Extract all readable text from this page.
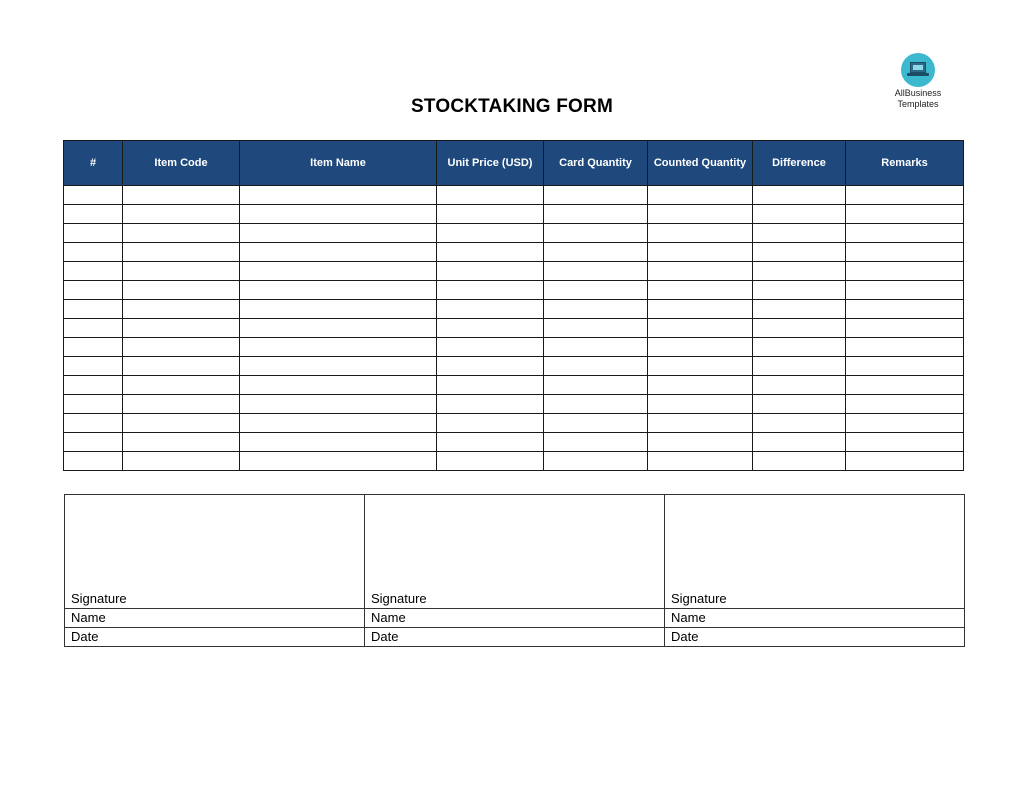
AllBusiness
Templates
STOCKTAKING FORM
#	Item Code	Item Name	Unit Price (USD)	Card Quantity	Counted Quantity	Difference	Remarks

Signature	Signature	Signature
Name	Name	Name
Date	Date	Date
